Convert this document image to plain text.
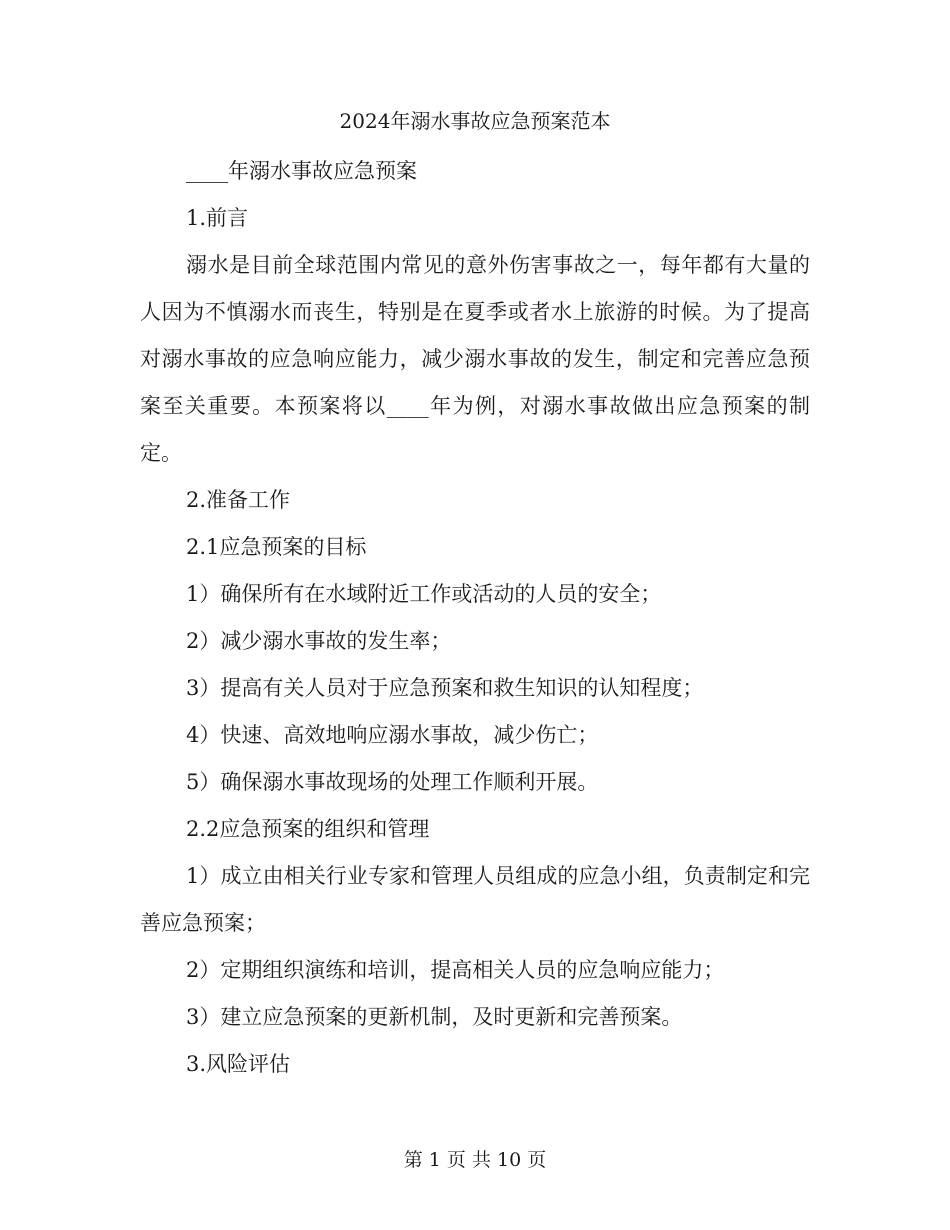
2024年溺水事故应急预案范本

____年溺水事故应急预案

1.前言

溺水是目前全球范围内常见的意外伤害事故之一，每年都有大量的人因为不慎溺水而丧生，特别是在夏季或者水上旅游的时候。为了提高对溺水事故的应急响应能力，减少溺水事故的发生，制定和完善应急预案至关重要。本预案将以____年为例，对溺水事故做出应急预案的制定。

2.准备工作

2.1应急预案的目标

1）确保所有在水域附近工作或活动的人员的安全；

2）减少溺水事故的发生率；

3）提高有关人员对于应急预案和救生知识的认知程度；

4）快速、高效地响应溺水事故，减少伤亡；

5）确保溺水事故现场的处理工作顺利开展。

2.2应急预案的组织和管理

1）成立由相关行业专家和管理人员组成的应急小组，负责制定和完善应急预案；

2）定期组织演练和培训，提高相关人员的应急响应能力；

3）建立应急预案的更新机制，及时更新和完善预案。

3.风险评估

第 1 页 共 10 页
